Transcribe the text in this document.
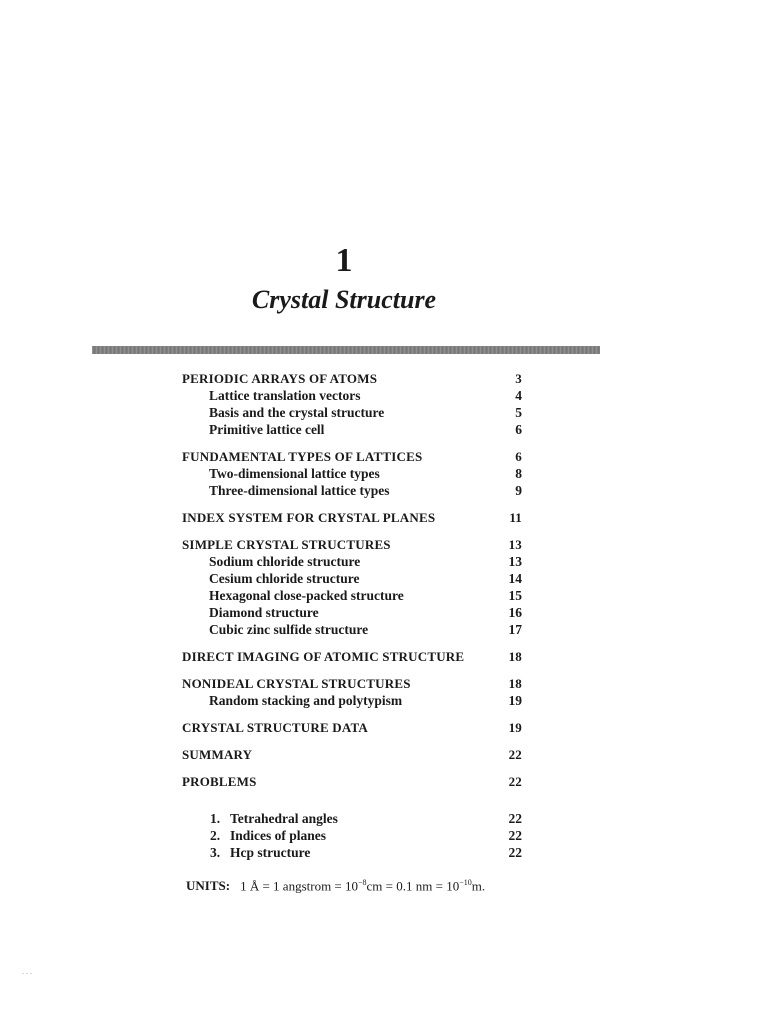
1
Crystal Structure
PERIODIC ARRAYS OF ATOMS	3
Lattice translation vectors	4
Basis and the crystal structure	5
Primitive lattice cell	6
FUNDAMENTAL TYPES OF LATTICES	6
Two-dimensional lattice types	8
Three-dimensional lattice types	9
INDEX SYSTEM FOR CRYSTAL PLANES	11
SIMPLE CRYSTAL STRUCTURES	13
Sodium chloride structure	13
Cesium chloride structure	14
Hexagonal close-packed structure	15
Diamond structure	16
Cubic zinc sulfide structure	17
DIRECT IMAGING OF ATOMIC STRUCTURE	18
NONIDEAL CRYSTAL STRUCTURES	18
Random stacking and polytypism	19
CRYSTAL STRUCTURE DATA	19
SUMMARY	22
PROBLEMS	22
1. Tetrahedral angles	22
2. Indices of planes	22
3. Hcp structure	22
UNITS: 1 Å = 1 angstrom = $10^{-8}cm = 0.1$ nm = $10^{-10}m$.
- - -
